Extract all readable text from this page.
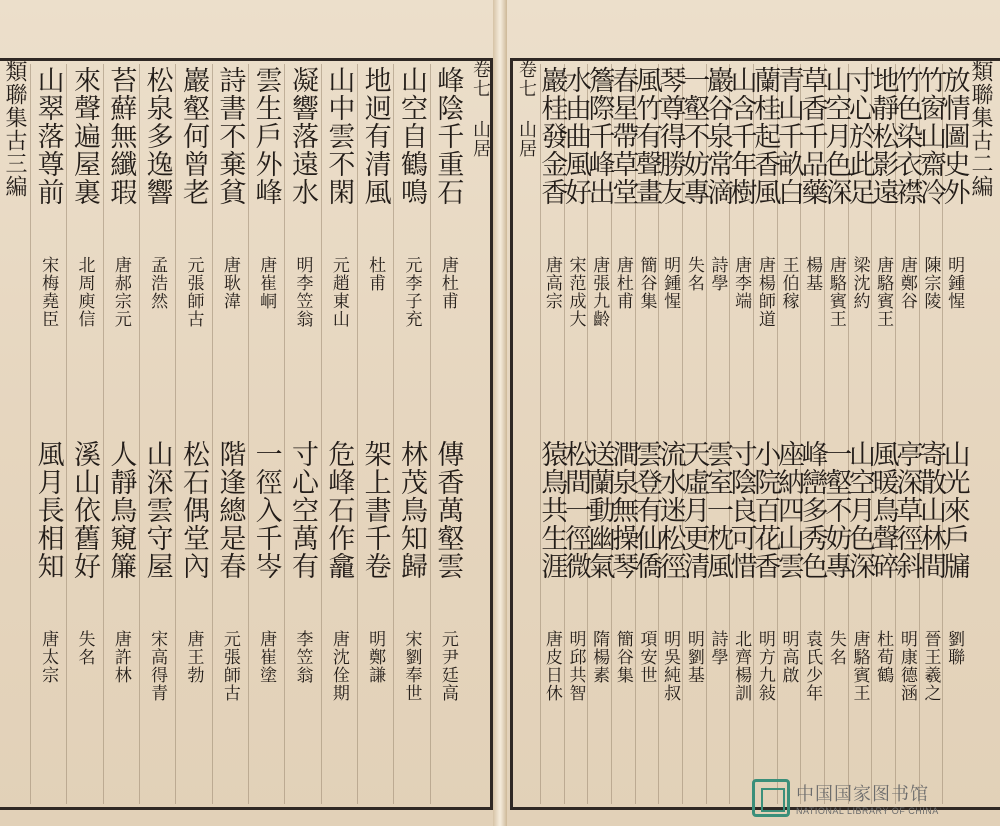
類聯集古三編	卷七 山居	類聯集古二編
卷七 山居
峰陰千重石
唐杜甫
傳香萬壑雲
元尹廷高
山空自鶴鳴
元李子充
林茂鳥知歸
宋劉奉世
地迥有清風
杜甫
架上書千卷
明鄭謙
山中雲不閑
元趙東山
危峰石作龕
唐沈佺期
凝響落遠水
明李笠翁
寸心空萬有
李笠翁
雲生戶外峰
唐崔峒
一徑入千岑
唐崔塗
詩書不棄貧
唐耿湋
階逢總是春
元張師古
巖壑何曾老
元張師古
松石偶堂內
唐王勃
松泉多逸響
孟浩然
山深雲守屋
宋高得青
苔蘚無纖瑕
唐郝宗元
人靜鳥窺簾
唐許林
來聲遍屋裏
北周庾信
溪山依舊好
失名
山翠落尊前
宋梅堯臣
風月長相知
唐太宗
放情圖史外
明鍾惺
山光來戶牖
劉聯
竹窗山齋冷
陳宗陵
寄散山林間
晉王羲之
竹色染衣襟
唐鄭谷
亭深草徑斜
明康德涵
地靜松影遠
唐駱賓王
風暖鳥聲碎
杜荀鶴
寸心於此足
梁沈約
山空月色深
唐駱賓王
山空月色深
唐駱賓王
一壑不妨專
失名
草香千品藥
楊基
峰巒多秀色
袁氏少年
青山千畝白
王伯稼
座納四山雲
明高啟
蘭桂起香風
唐楊師道
小院百花香
明方九敍
山含千年樹
唐李端
寸陰良可惜
北齊楊訓
巖谷泉常滴
詩學
雲室一枕風
詩學
一壑不妨專
失名
天虛月更清
明劉基
琴尊得勝友
明鍾惺
流水迷松徑
明吳純叔
風竹有聲畫
簡谷集
雲登有仙僑
項安世
春星帶草堂
唐杜甫
澗泉無操琴
簡谷集
簷際千峰出
唐張九齡
送蘭動幽氣
隋楊素
水由曲風好
宋范成大
松間一徑微
明邱共智
巖桂發金香
唐高宗
猿鳥共生涯
唐皮日休
中国国家图书馆
NATIONAL LIBRARY OF CHINA
